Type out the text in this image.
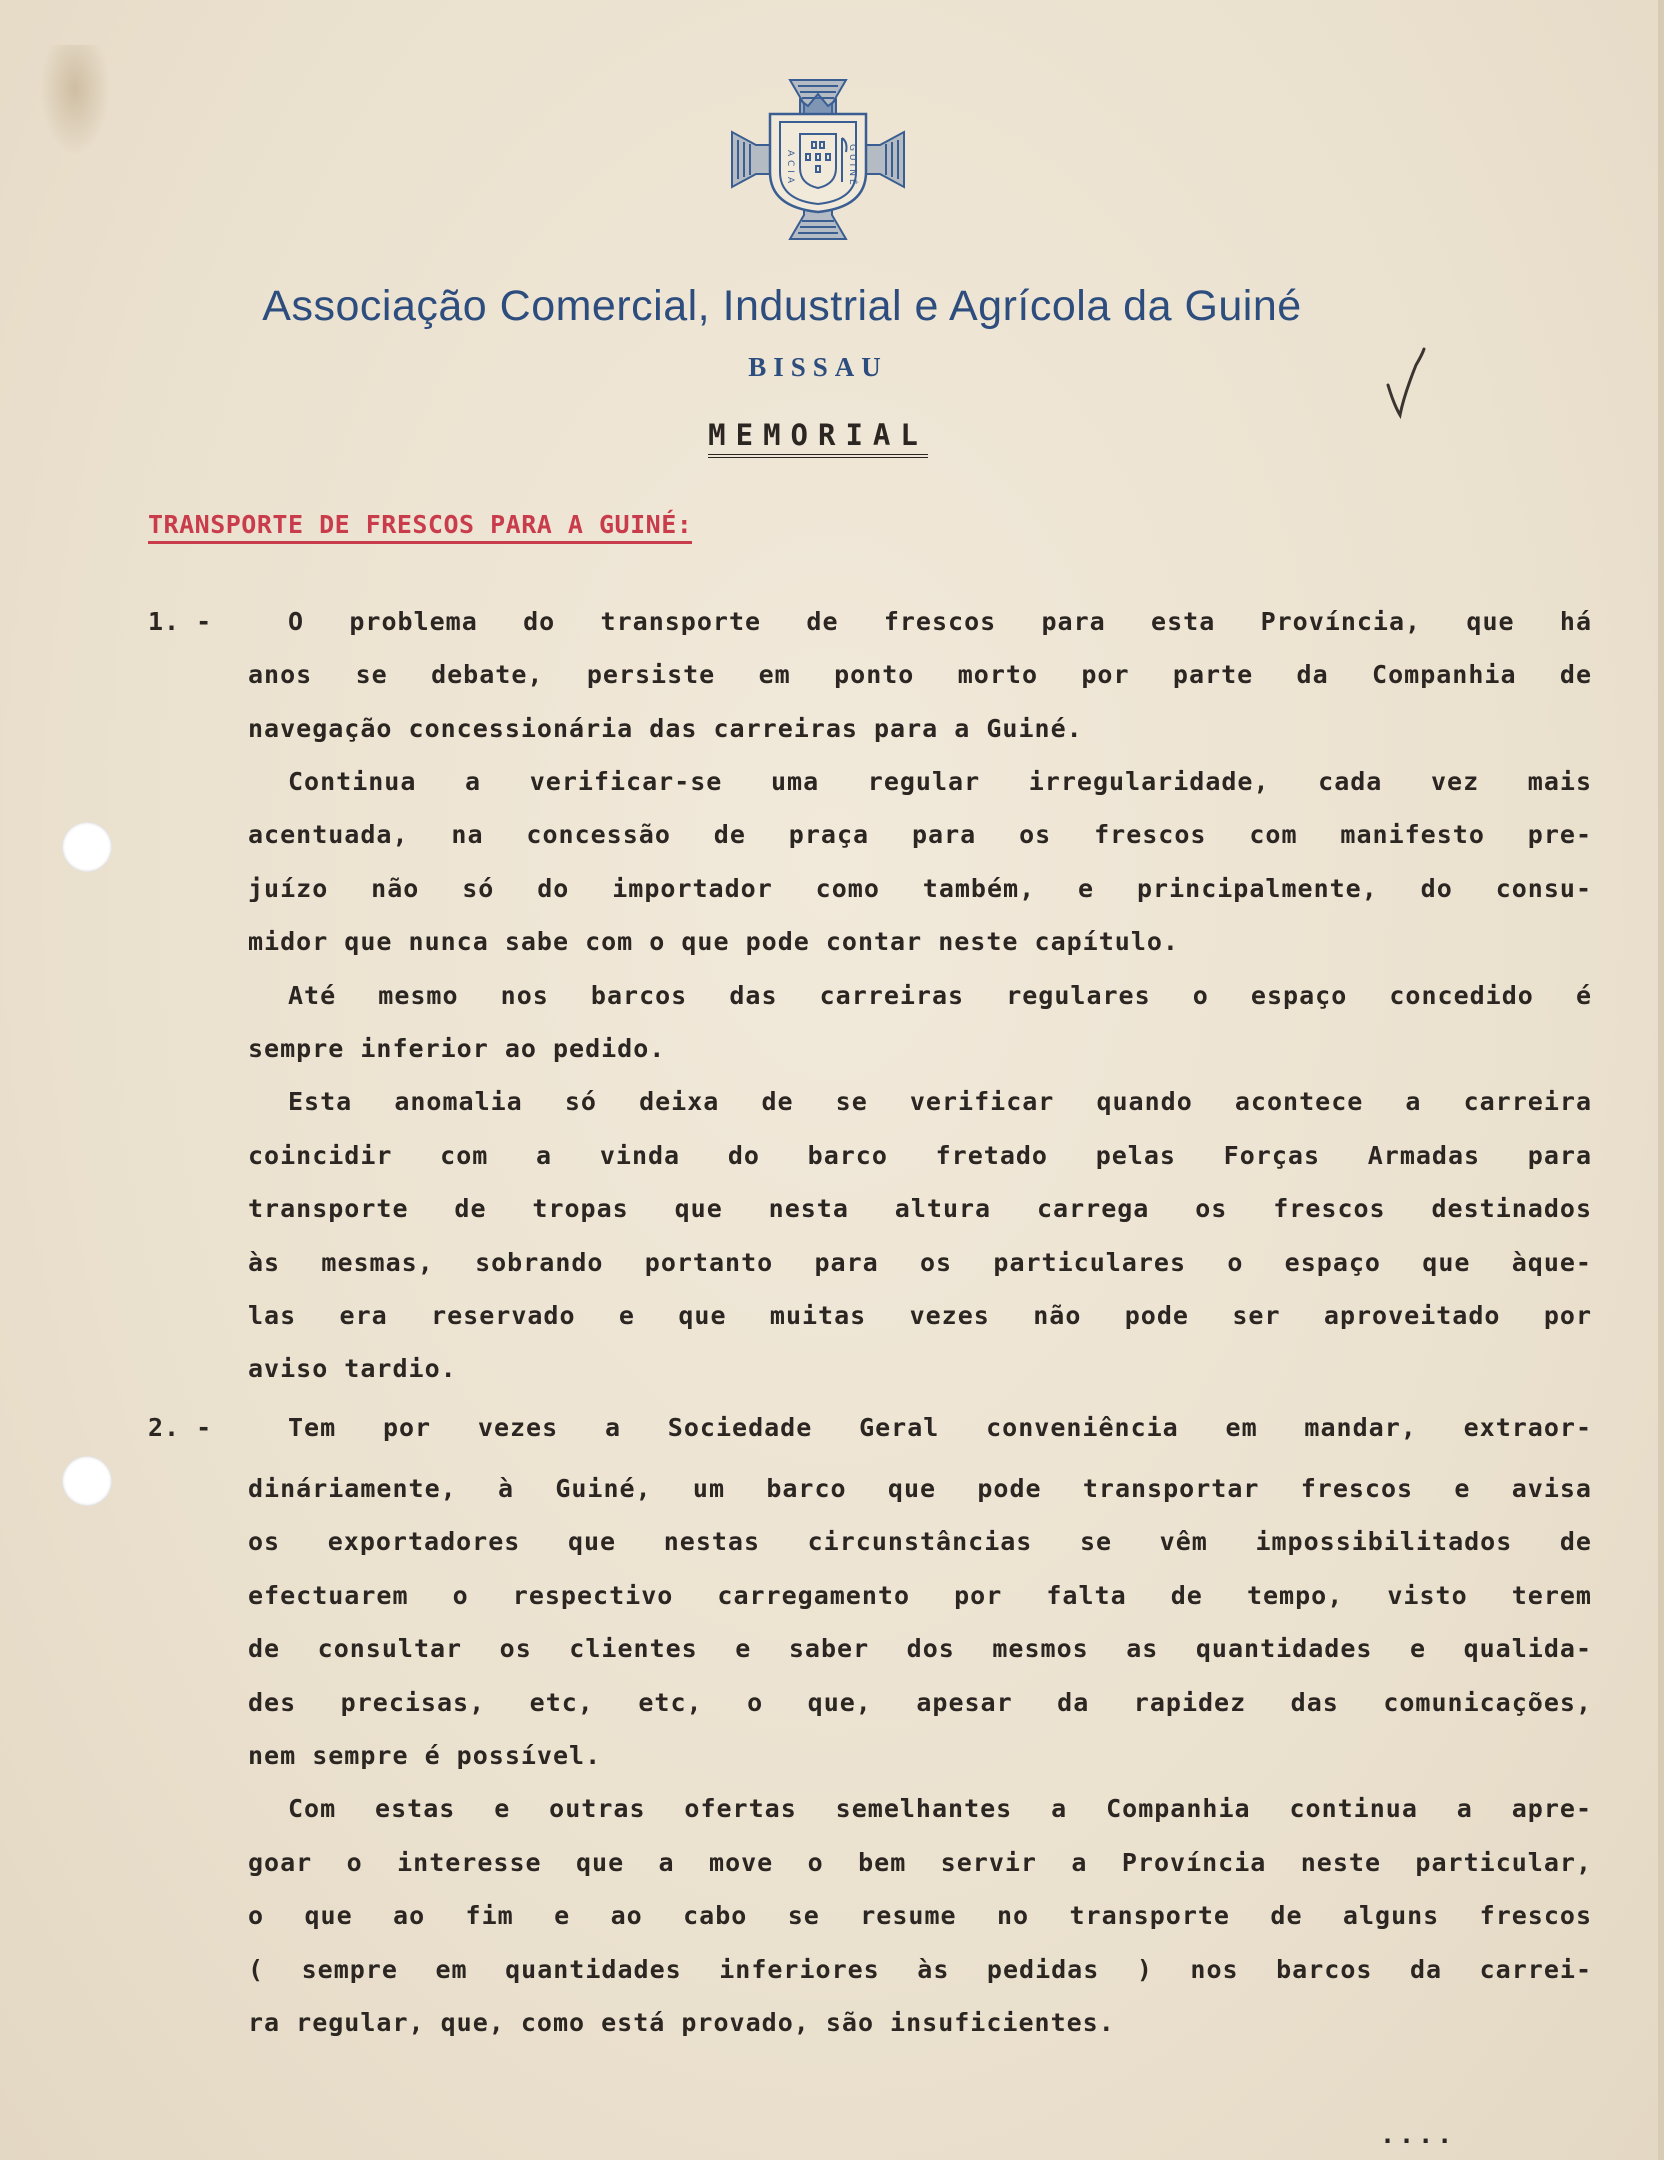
ACIA	GUINÉ
Associação Comercial, Industrial e Agrícola da Guiné
BISSAU
MEMORIAL
TRANSPORTE DE FRESCOS PARA A GUINÉ:
1. -	O problema do transporte de frescos para esta Província, que há
anos se debate, persiste em ponto morto por parte da Companhia de
navegação concessionária das carreiras para a Guiné.
Continua a verificar-se uma regular irregularidade, cada vez mais
acentuada, na concessão de praça para os frescos com manifesto pre-
juízo não só do importador como também, e principalmente, do consu-
midor que nunca sabe com o que pode contar neste capítulo.
Até mesmo nos barcos das carreiras regulares o espaço concedido é
sempre inferior ao pedido.
Esta anomalia só deixa de se verificar quando acontece a carreira
coincidir com a vinda do barco fretado pelas Forças Armadas para
transporte de tropas que nesta altura carrega os frescos destinados
às mesmas, sobrando portanto para os particulares o espaço que àque-
las era reservado e que muitas vezes não pode ser aproveitado por
aviso tardio.
2. -	Tem por vezes a Sociedade Geral conveniência em mandar, extraor-
dináriamente, à Guiné, um barco que pode transportar frescos e avisa
os exportadores que nestas circunstâncias se vêm impossibilitados de
efectuarem o respectivo carregamento por falta de tempo, visto terem
de consultar os clientes e saber dos mesmos as quantidades e qualida-
des precisas, etc, etc, o que, apesar da rapidez das comunicações,
nem sempre é possível.
Com estas e outras ofertas semelhantes a Companhia continua a apre-
goar o interesse que a move o bem servir a Província neste particular,
o que ao fim e ao cabo se resume no transporte de alguns frescos
( sempre em quantidades inferiores às pedidas ) nos barcos da carrei-
ra regular, que, como está provado, são insuficientes.
....
